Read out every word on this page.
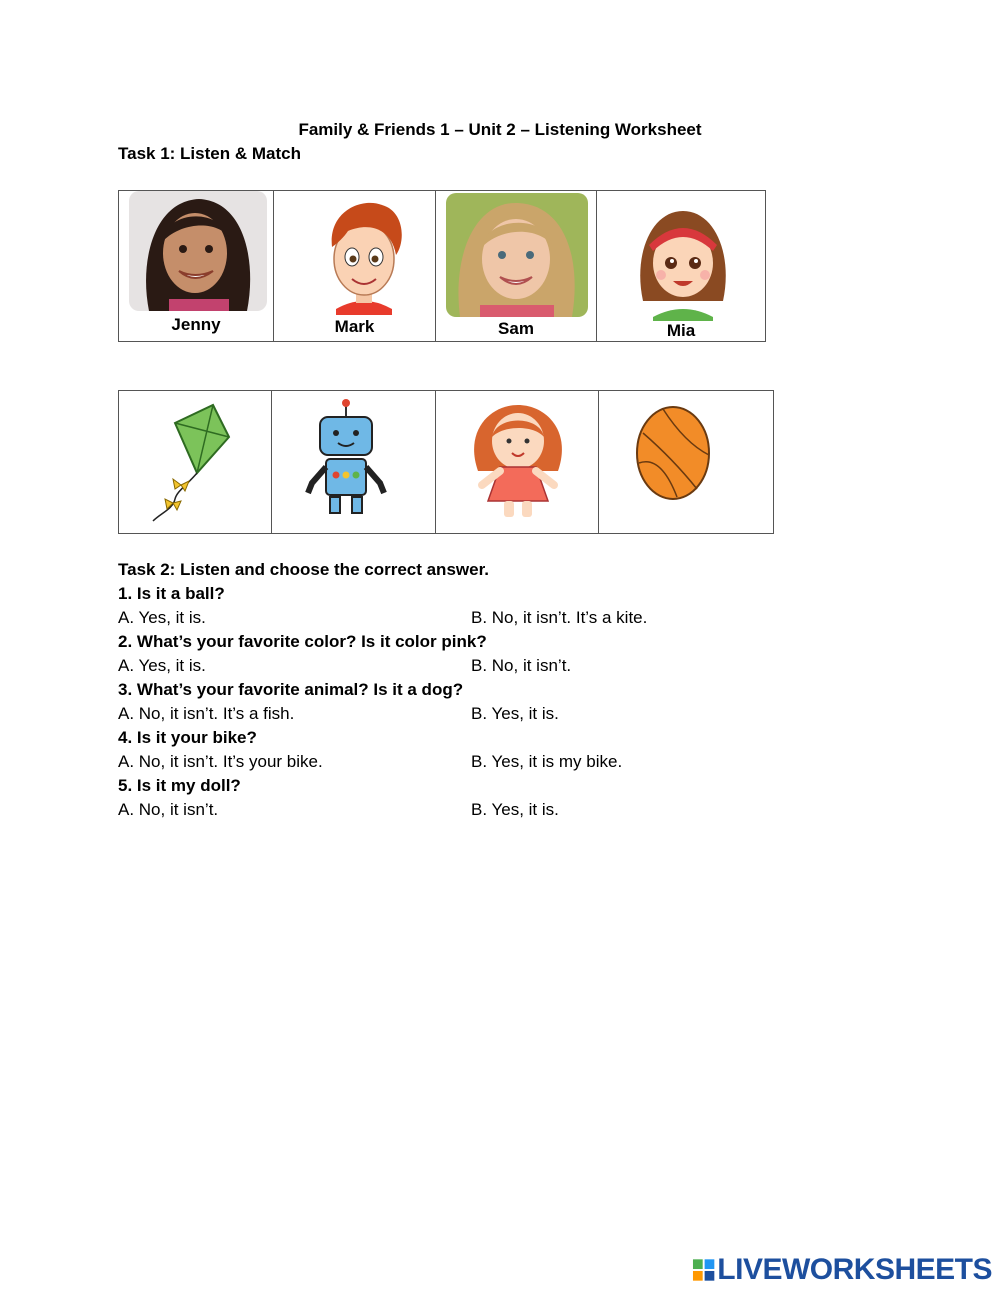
Family & Friends 1 – Unit 2 – Listening Worksheet
Task 1: Listen & Match
Jenny	Mark	Sam	Mia

Task 2: Listen and choose the correct answer.
1. Is it a ball?
A. Yes, it is.	B. No, it isn’t. It’s a kite.
2. What’s your favorite color? Is it color pink?
A. Yes, it is.	B. No, it isn’t.
3. What’s your favorite animal? Is it a dog?
A. No, it isn’t. It’s a fish.	B. Yes, it is.
4. Is it your bike?
A. No, it isn’t. It’s your bike.	B. Yes, it is my bike.
5. Is it my doll?
A. No, it isn’t.	B. Yes, it is.
LIVEWORKSHEETS
